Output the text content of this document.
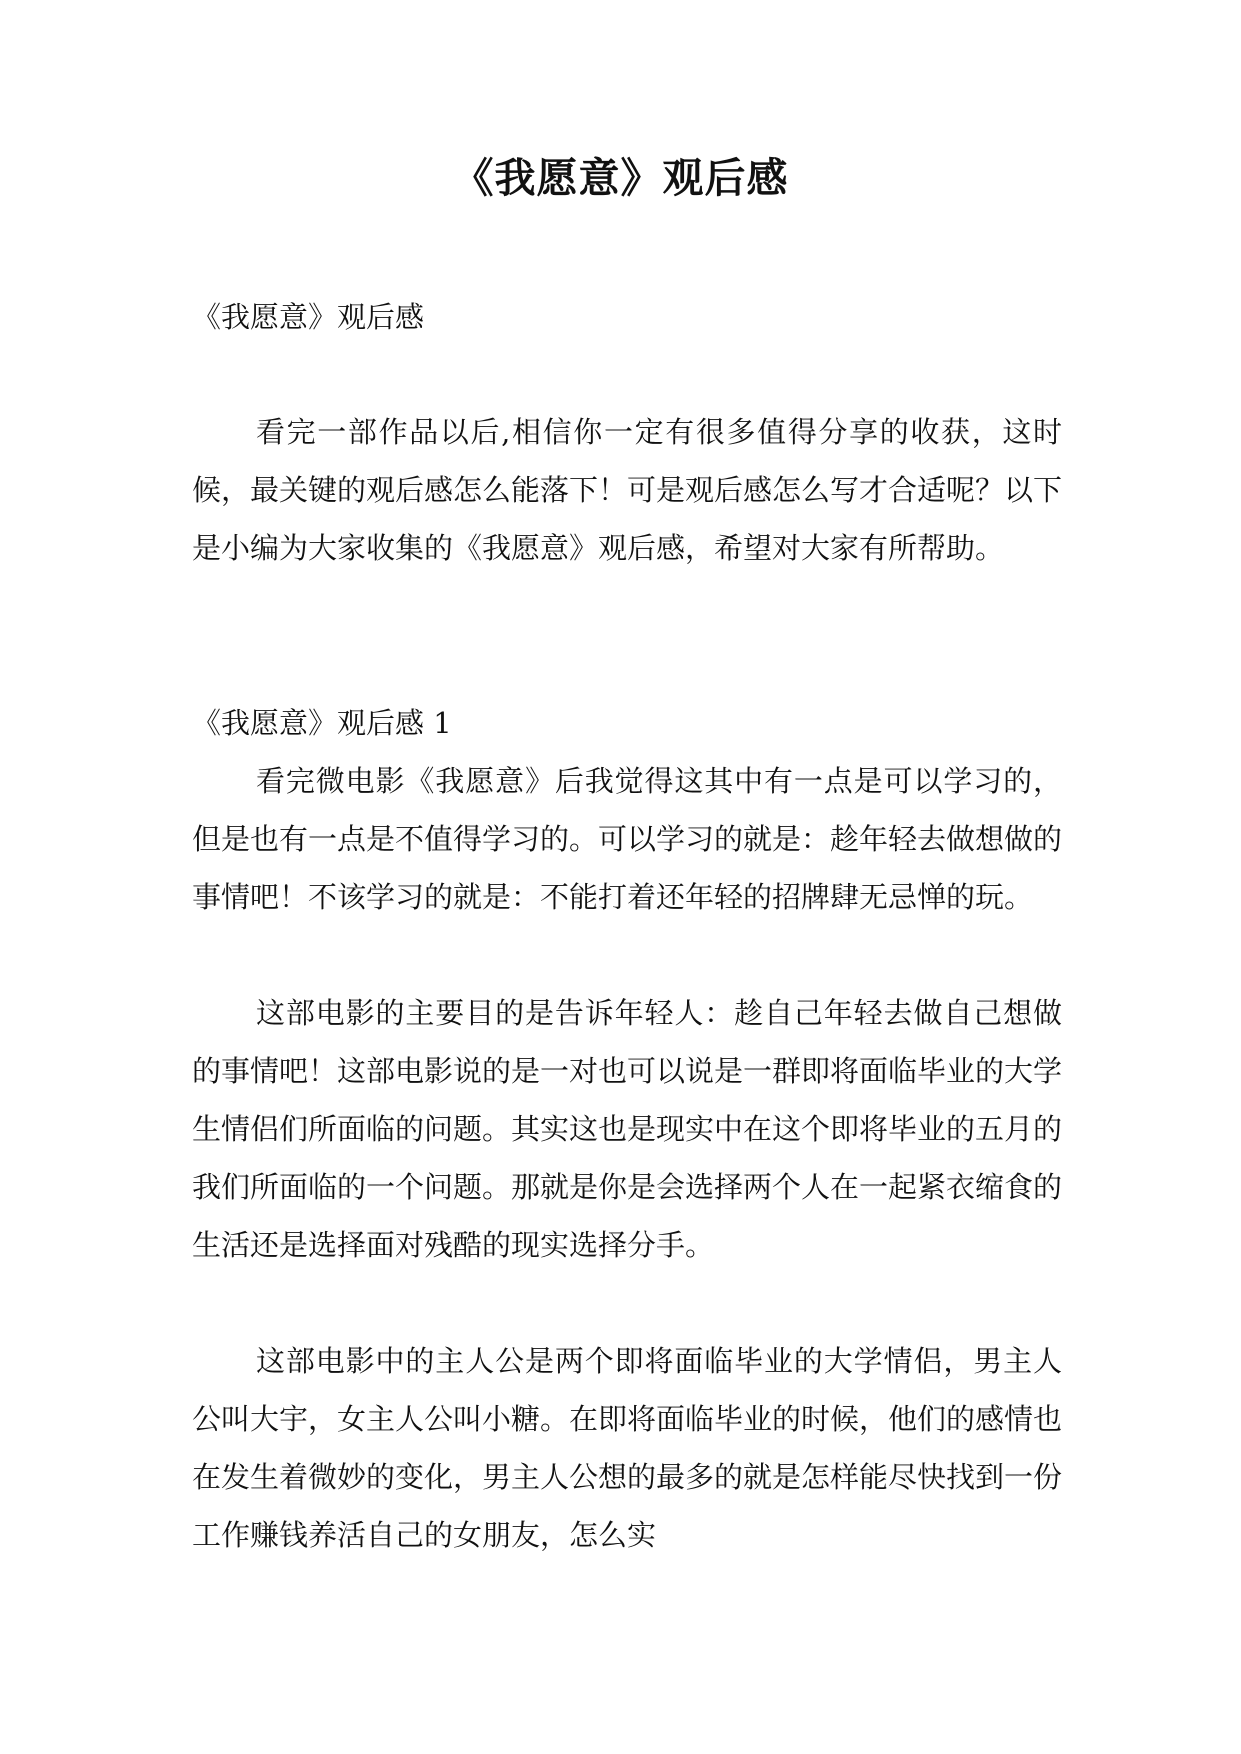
《我愿意》观后感
《我愿意》观后感
看完一部作品以后,相信你一定有很多值得分享的收获，这时候，最关键的观后感怎么能落下！可是观后感怎么写才合适呢？以下是小编为大家收集的《我愿意》观后感，希望对大家有所帮助。
《我愿意》观后感 1
看完微电影《我愿意》后我觉得这其中有一点是可以学习的，但是也有一点是不值得学习的。可以学习的就是：趁年轻去做想做的事情吧！不该学习的就是：不能打着还年轻的招牌肆无忌惮的玩。
这部电影的主要目的是告诉年轻人：趁自己年轻去做自己想做的事情吧！这部电影说的是一对也可以说是一群即将面临毕业的大学生情侣们所面临的问题。其实这也是现实中在这个即将毕业的五月的我们所面临的一个问题。那就是你是会选择两个人在一起紧衣缩食的生活还是选择面对残酷的现实选择分手。
这部电影中的主人公是两个即将面临毕业的大学情侣，男主人公叫大宇，女主人公叫小糖。在即将面临毕业的时候，他们的感情也在发生着微妙的变化，男主人公想的最多的就是怎样能尽快找到一份工作赚钱养活自己的女朋友，怎么实
